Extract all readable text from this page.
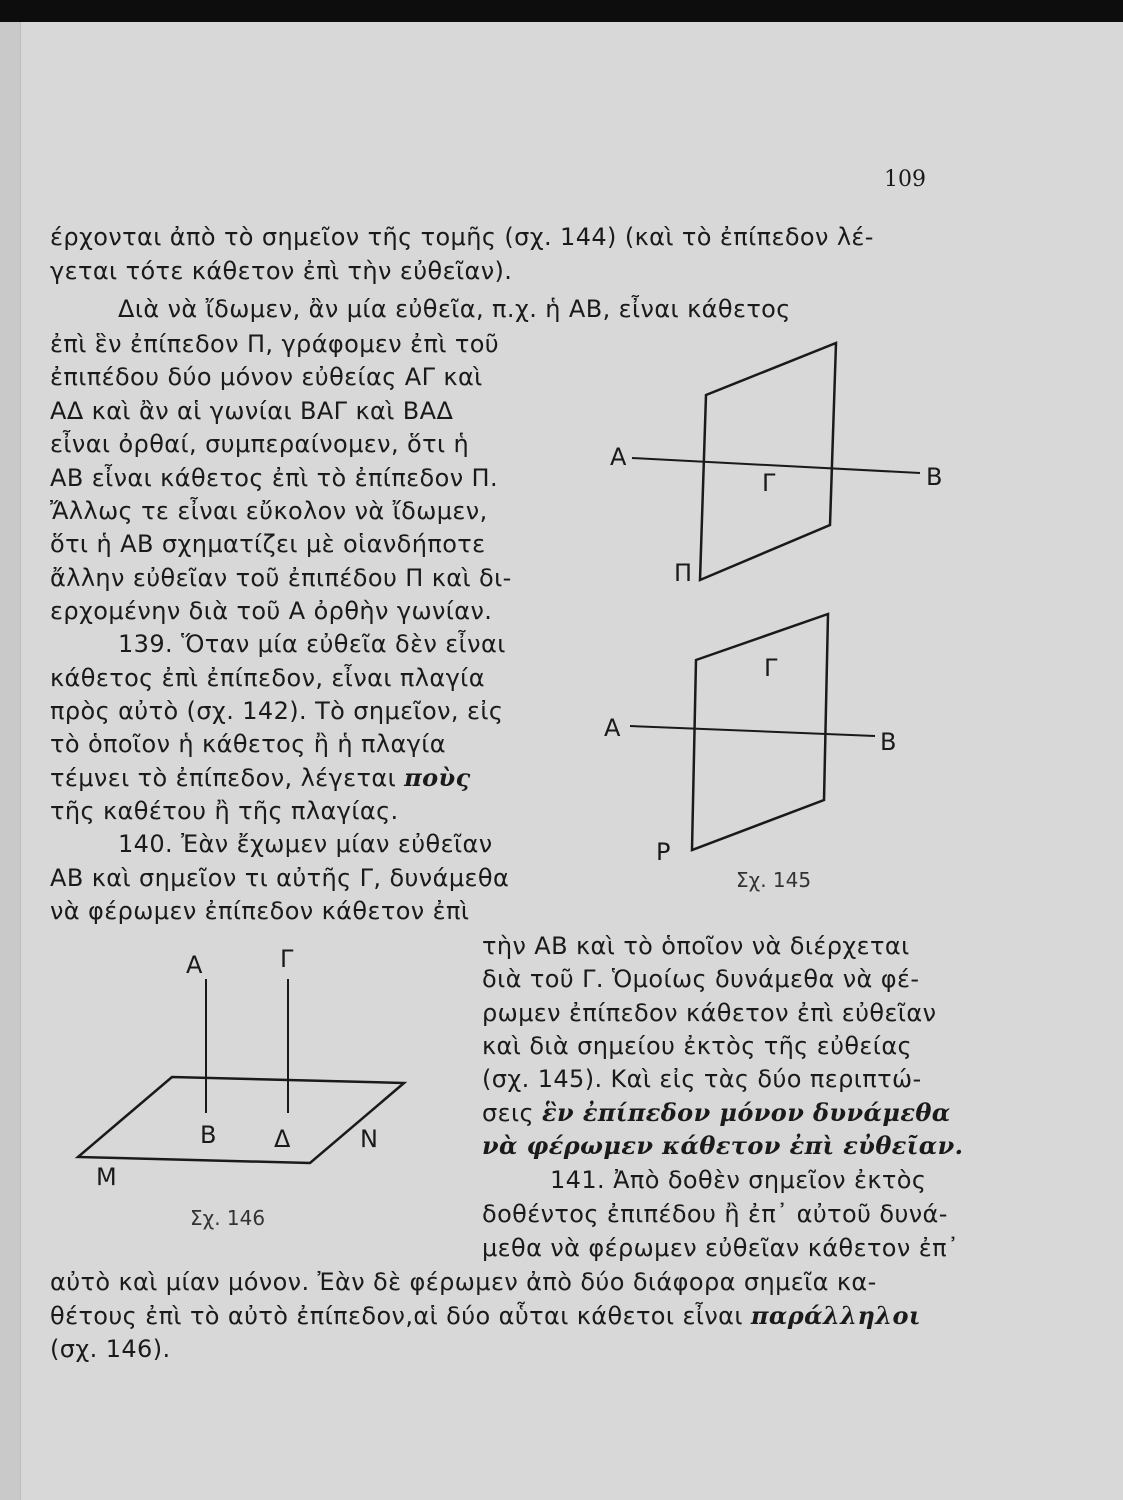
109
έρχονται ἀπὸ τὸ σημεῖον τῆς τομῆς (σχ. 144) (καὶ τὸ ἐπίπεδον λέ-
γεται τότε κάθετον ἐπὶ τὴν εὐθεῖαν).
Διὰ νὰ ἴδωμεν, ἂν μία εὐθεῖα, π.χ. ἡ ΑΒ, εἶναι κάθετος
ἐπὶ ἓν ἐπίπεδον Π, γράφομεν ἐπὶ τοῦ
ἐπιπέδου δύο μόνον εὐθείας ΑΓ καὶ
ΑΔ καὶ ἂν αἱ γωνίαι ΒΑΓ καὶ ΒΑΔ
εἶναι ὀρθαί, συμπεραίνομεν, ὅτι ἡ
ΑΒ εἶναι κάθετος ἐπὶ τὸ ἐπίπεδον Π.
Ἄλλως τε εἶναι εὔκολον νὰ ἴδωμεν,
ὅτι ἡ ΑΒ σχηματίζει μὲ οἱανδήποτε
ἄλλην εὐθεῖαν τοῦ ἐπιπέδου Π καὶ δι-
ερχομένην διὰ τοῦ Α ὀρθὴν γωνίαν.
139. Ὅταν μία εὐθεῖα δὲν εἶναι
κάθετος ἐπὶ ἐπίπεδον, εἶναι πλαγία
πρὸς αὐτὸ (σχ. 142). Τὸ σημεῖον, εἰς
τὸ ὁποῖον ἡ κάθετος ἢ ἡ πλαγία
τέμνει τὸ ἐπίπεδον, λέγεται ποὺς
τῆς καθέτου ἢ τῆς πλαγίας.
140. Ἐὰν ἔχωμεν μίαν εὐθεῖαν
ΑΒ καὶ σημεῖον τι αὐτῆς Γ, δυνάμεθα
νὰ φέρωμεν ἐπίπεδον κάθετον ἐπὶ
τὴν ΑΒ καὶ τὸ ὁποῖον νὰ διέρχεται
διὰ τοῦ Γ. Ὁμοίως δυνάμεθα νὰ φέ-
ρωμεν ἐπίπεδον κάθετον ἐπὶ εὐθεῖαν
καὶ διὰ σημείου ἐκτὸς τῆς εὐθείας
(σχ. 145). Καὶ εἰς τὰς δύο περιπτώ-
σεις ἓν ἐπίπεδον μόνον δυνάμεθα
νὰ φέρωμεν κάθετον ἐπὶ εὐθεῖαν.
141. Ἀπὸ δοθὲν σημεῖον ἐκτὸς
δοθέντος ἐπιπέδου ἢ ἐπ᾽ αὐτοῦ δυνά-
μεθα νὰ φέρωμεν εὐθεῖαν κάθετον ἐπ᾽
αὐτὸ καὶ μίαν μόνον. Ἐὰν δὲ φέρωμεν ἀπὸ δύο διάφορα σημεῖα κα-
θέτους ἐπὶ τὸ αὐτὸ ἐπίπεδον,αἱ δύο αὗται κάθετοι εἶναι παράλληλοι
(σχ. 146).
Α
Β
Γ
Π
Α	Β
Γ
Ρ
Σχ. 145
Α	Γ
Β Δ	Ν
Μ
Σχ. 146
